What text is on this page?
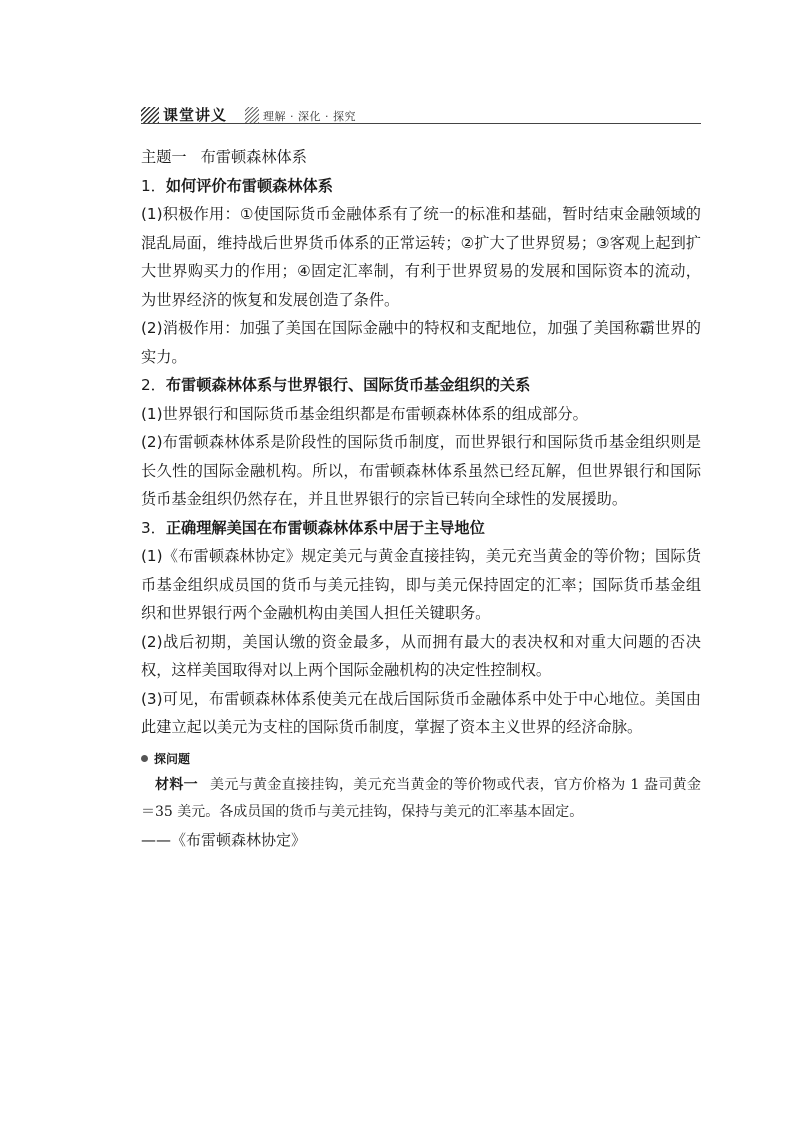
课堂讲义	理解 · 深化 · 探究

主题一 布雷顿森林体系

1．如何评价布雷顿森林体系

(1)积极作用：①使国际货币金融体系有了统一的标准和基础，暂时结束金融领域的混乱局面，维持战后世界货币体系的正常运转；②扩大了世界贸易；③客观上起到扩大世界购买力的作用；④固定汇率制，有利于世界贸易的发展和国际资本的流动，为世界经济的恢复和发展创造了条件。

(2)消极作用：加强了美国在国际金融中的特权和支配地位，加强了美国称霸世界的实力。

2．布雷顿森林体系与世界银行、国际货币基金组织的关系

(1)世界银行和国际货币基金组织都是布雷顿森林体系的组成部分。

(2)布雷顿森林体系是阶段性的国际货币制度，而世界银行和国际货币基金组织则是长久性的国际金融机构。所以，布雷顿森林体系虽然已经瓦解，但世界银行和国际货币基金组织仍然存在，并且世界银行的宗旨已转向全球性的发展援助。

3．正确理解美国在布雷顿森林体系中居于主导地位

(1)《布雷顿森林协定》规定美元与黄金直接挂钩，美元充当黄金的等价物；国际货币基金组织成员国的货币与美元挂钩，即与美元保持固定的汇率；国际货币基金组织和世界银行两个金融机构由美国人担任关键职务。

(2)战后初期，美国认缴的资金最多，从而拥有最大的表决权和对重大问题的否决权，这样美国取得对以上两个国际金融机构的决定性控制权。

(3)可见，布雷顿森林体系使美元在战后国际货币金融体系中处于中心地位。美国由此建立起以美元为支柱的国际货币制度，掌握了资本主义世界的经济命脉。

探问题

材料一 美元与黄金直接挂钩，美元充当黄金的等价物或代表，官方价格为 1 盎司黄金＝35 美元。各成员国的货币与美元挂钩，保持与美元的汇率基本固定。

——《布雷顿森林协定》
